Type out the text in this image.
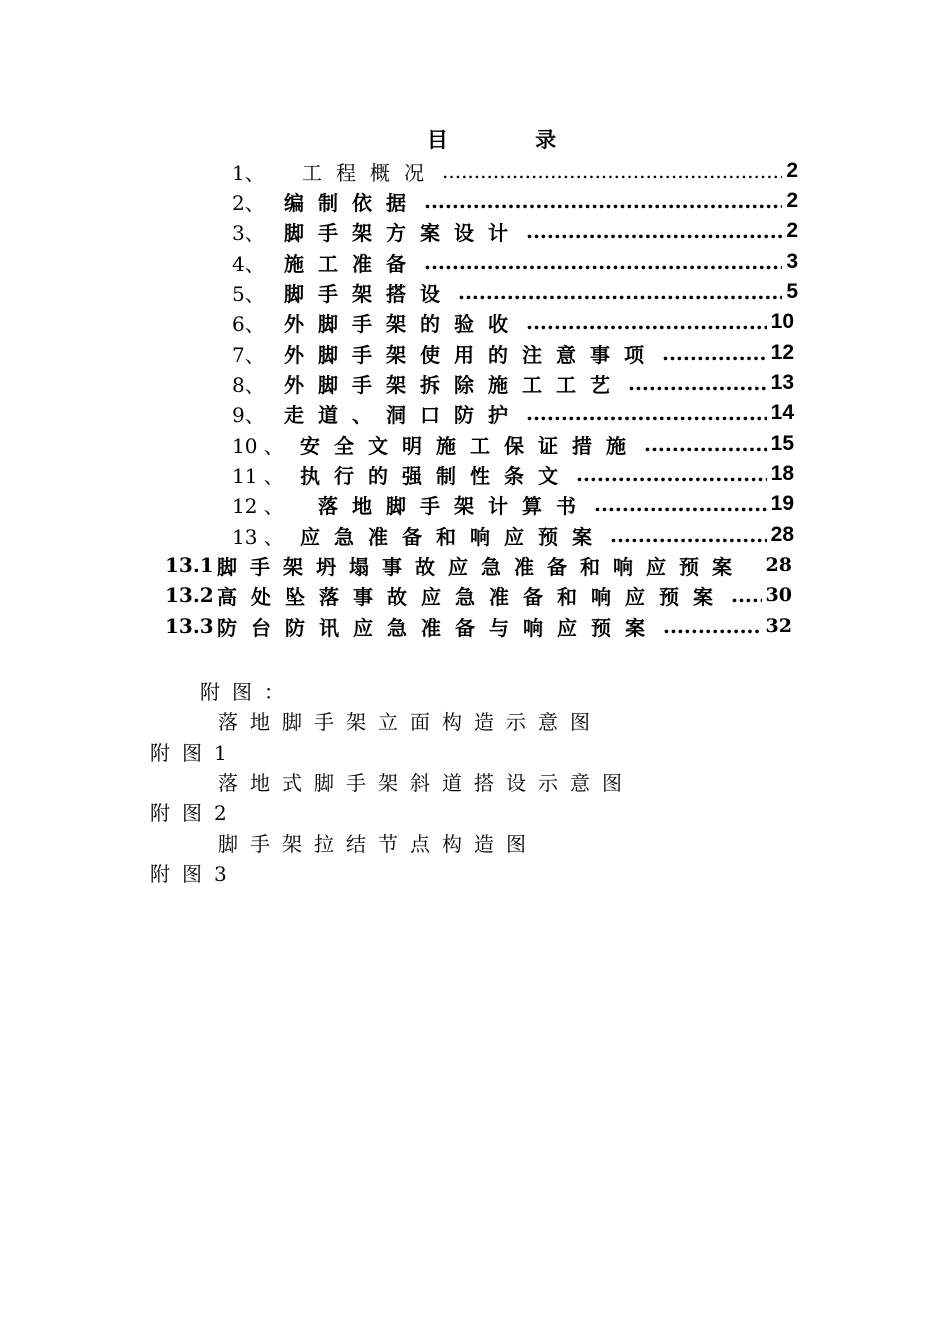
目 录
1、	工程概况 .....	2
2、 编制依据 .....	2
3、 脚手架方案设计 .....	2
4、 施工准备 .....	3
5、 脚手架搭设 .....	5
6、 外脚手架的验收 .....	10
7、 外脚手架使用的注意事项 .....	12
8、 外脚手架拆除施工工艺 .....	13
9、 走道、洞口防护 .....	14
10 、 安全文明施工保证措施 .....	15
11 、 执行的强制性条文 .....	18
12 、	落地脚手架计算书 .....	19
13 、 应急准备和响应预案 .....	28
13.1 脚手架坍塌事故应急准备和响应预案 28
13.2 高处坠落事故应急准备和响应预案 ..... 30
13.3 防台防讯应急准备与响应预案 .....	32
附图：
落地脚手架立面构造示意图
附图1
落地式脚手架斜道搭设示意图
附图2
脚手架拉结节点构造图
附图3
